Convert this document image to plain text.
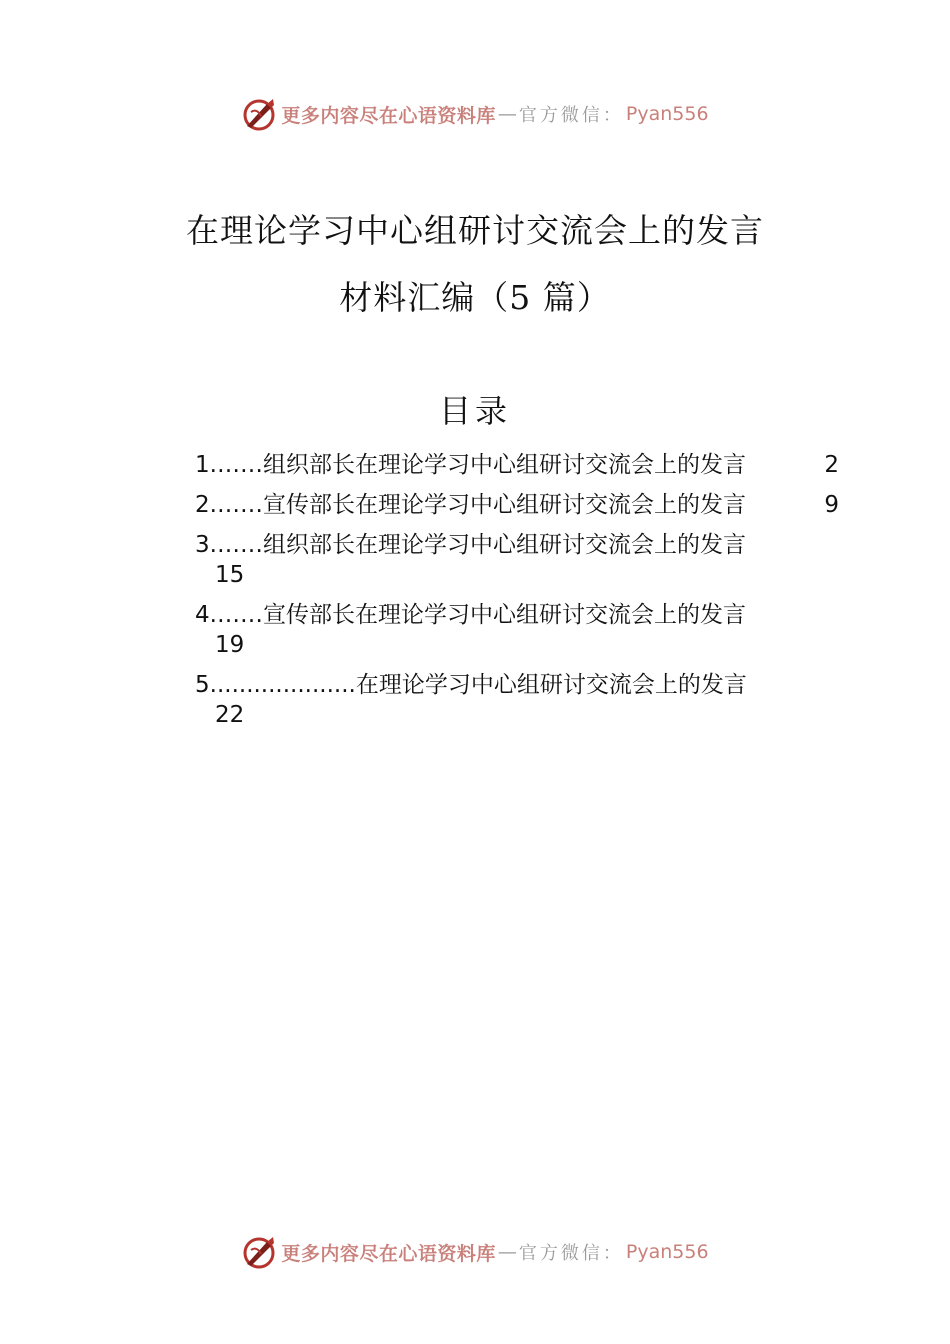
更多内容尽在心语资料库 — 官方微信： Pyan556
在理论学习中心组研讨交流会上的发言
材料汇编（5 篇）
目录
1.…… 组织部长在理论学习中心组研讨交流会上的发言	2
2.…… 宣传部长在理论学习中心组研讨交流会上的发言	9
3.…… 组织部长在理论学习中心组研讨交流会上的发言
15
4.…… 宣传部长在理论学习中心组研讨交流会上的发言
19
5.................... 在理论学习中心组研讨交流会上的发言
22
更多内容尽在心语资料库 — 官方微信： Pyan556
